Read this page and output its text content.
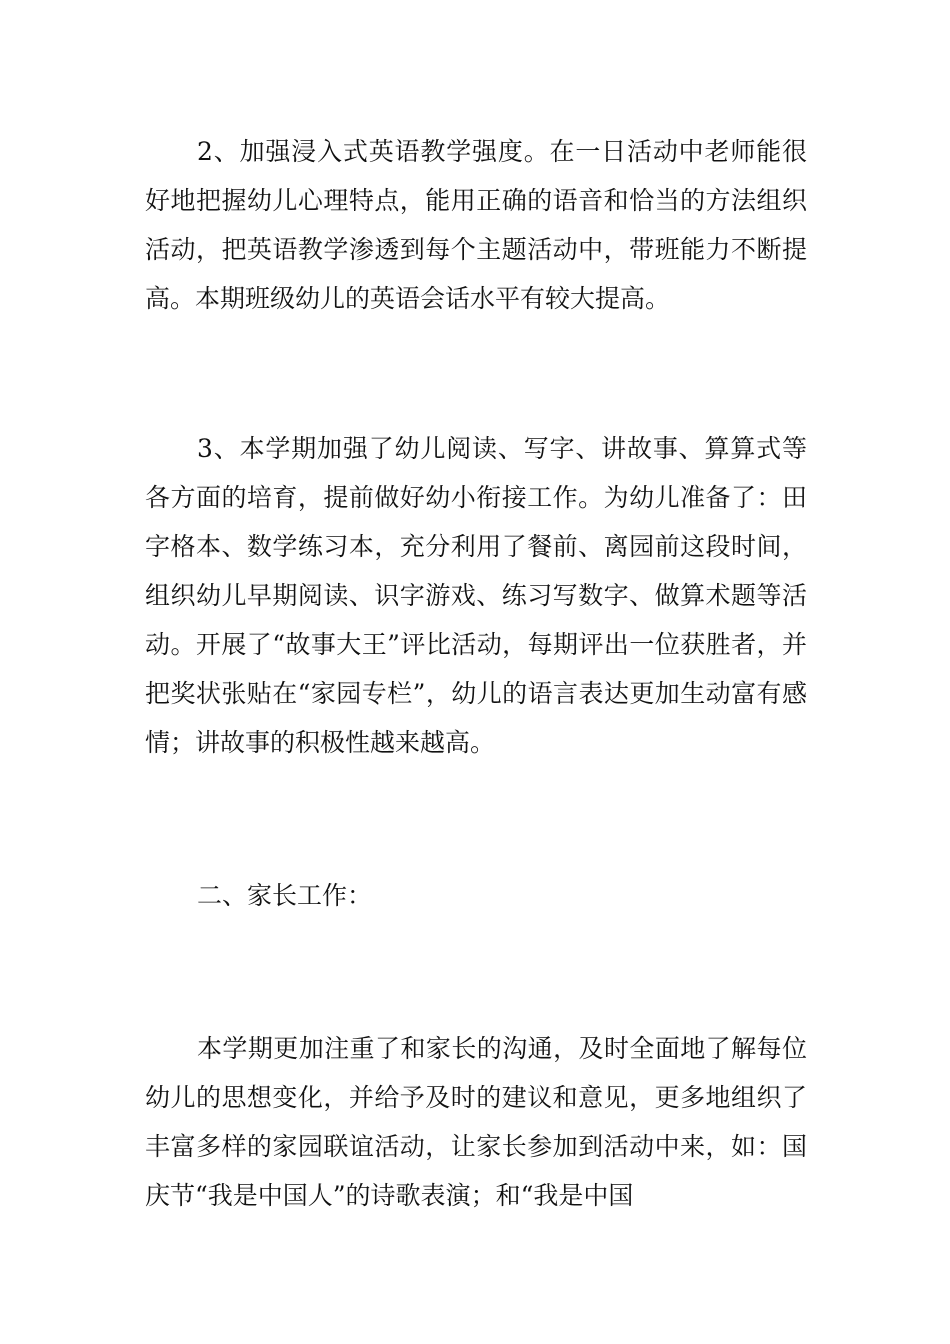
2、加强浸入式英语教学强度。在一日活动中老师能很好地把握幼儿心理特点，能用正确的语音和恰当的方法组织活动，把英语教学渗透到每个主题活动中，带班能力不断提高。本期班级幼儿的英语会话水平有较大提高。

3、本学期加强了幼儿阅读、写字、讲故事、算算式等各方面的培育，提前做好幼小衔接工作。为幼儿准备了：田字格本、数学练习本，充分利用了餐前、离园前这段时间，组织幼儿早期阅读、识字游戏、练习写数字、做算术题等活动。开展了“故事大王”评比活动，每期评出一位获胜者，并把奖状张贴在“家园专栏”，幼儿的语言表达更加生动富有感情；讲故事的积极性越来越高。

二、家长工作：

本学期更加注重了和家长的沟通，及时全面地了解每位幼儿的思想变化，并给予及时的建议和意见，更多地组织了丰富多样的家园联谊活动，让家长参加到活动中来，如：国庆节“我是中国人”的诗歌表演；和“我是中国
